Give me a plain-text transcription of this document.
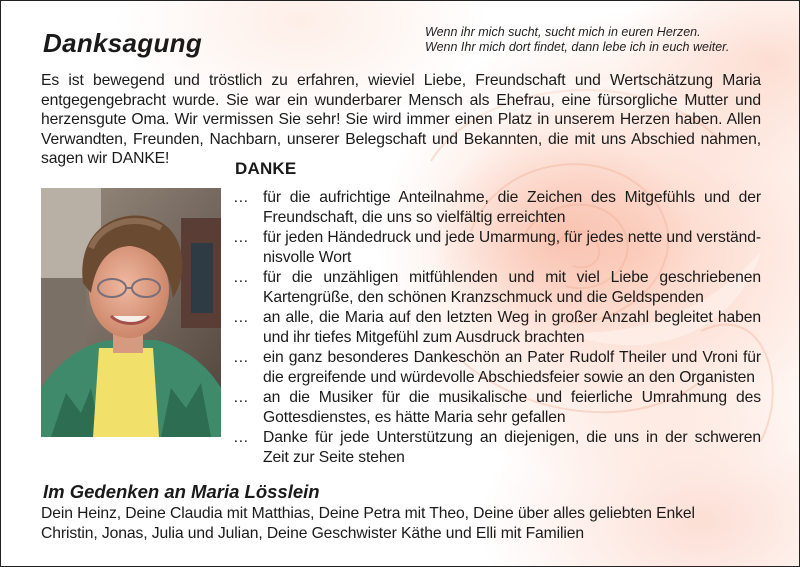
Danksagung	Wenn ihr mich sucht, sucht mich in euren Herzen.
Wenn Ihr mich dort findet, dann lebe ich in euch weiter.

Es ist bewegend und tröstlich zu erfahren, wieviel Liebe, Freundschaft und Wertschätzung Maria
entgegengebracht wurde. Sie war ein wunderbarer Mensch als Ehefrau, eine fürsorgliche Mutter und
herzensgute Oma. Wir vermissen Sie sehr! Sie wird immer einen Platz in unserem Herzen haben. Allen
Verwandten, Freunden, Nachbarn, unserer Belegschaft und Bekannten, die mit uns Abschied nahmen,
sagen wir DANKE!

DANKE
… für die aufrichtige Anteilnahme, die Zeichen des Mitgefühls und der
Freundschaft, die uns so vielfältig erreichten
… für jeden Händedruck und jede Umarmung, für jedes nette und verständ-
nisvolle Wort
… für die unzähligen mitfühlenden und mit viel Liebe geschriebenen
Kartengrüße, den schönen Kranzschmuck und die Geldspenden
… an alle, die Maria auf den letzten Weg in großer Anzahl begleitet haben
und ihr tiefes Mitgefühl zum Ausdruck brachten
… ein ganz besonderes Dankeschön an Pater Rudolf Theiler und Vroni für
die ergreifende und würdevolle Abschiedsfeier sowie an den Organisten
… an die Musiker für die musikalische und feierliche Umrahmung des
Gottesdienstes, es hätte Maria sehr gefallen
… Danke für jede Unterstützung an diejenigen, die uns in der schweren
Zeit zur Seite stehen
Im Gedenken an Maria Lösslein

Dein Heinz, Deine Claudia mit Matthias, Deine Petra mit Theo, Deine über alles geliebten Enkel
Christin, Jonas, Julia und Julian, Deine Geschwister Käthe und Elli mit Familien
